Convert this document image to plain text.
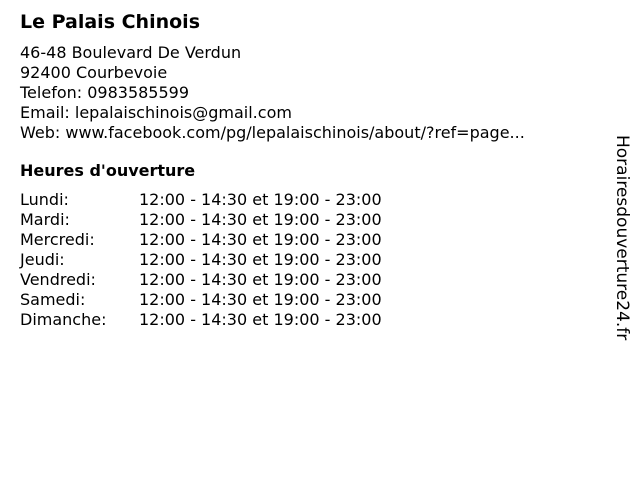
Le Palais Chinois
46-48 Boulevard De Verdun
92400 Courbevoie
Telefon: 0983585599
Email: lepalaischinois@gmail.com
Web: www.facebook.com/pg/lepalaischinois/about/?ref=page...
Heures d'ouverture
Lundi:	12:00 - 14:30 et 19:00 - 23:00
Mardi:	12:00 - 14:30 et 19:00 - 23:00
Mercredi:	12:00 - 14:30 et 19:00 - 23:00
Jeudi:	12:00 - 14:30 et 19:00 - 23:00
Vendredi:	12:00 - 14:30 et 19:00 - 23:00
Samedi:	12:00 - 14:30 et 19:00 - 23:00
Dimanche:	12:00 - 14:30 et 19:00 - 23:00	Horairesdouverture24.fr
